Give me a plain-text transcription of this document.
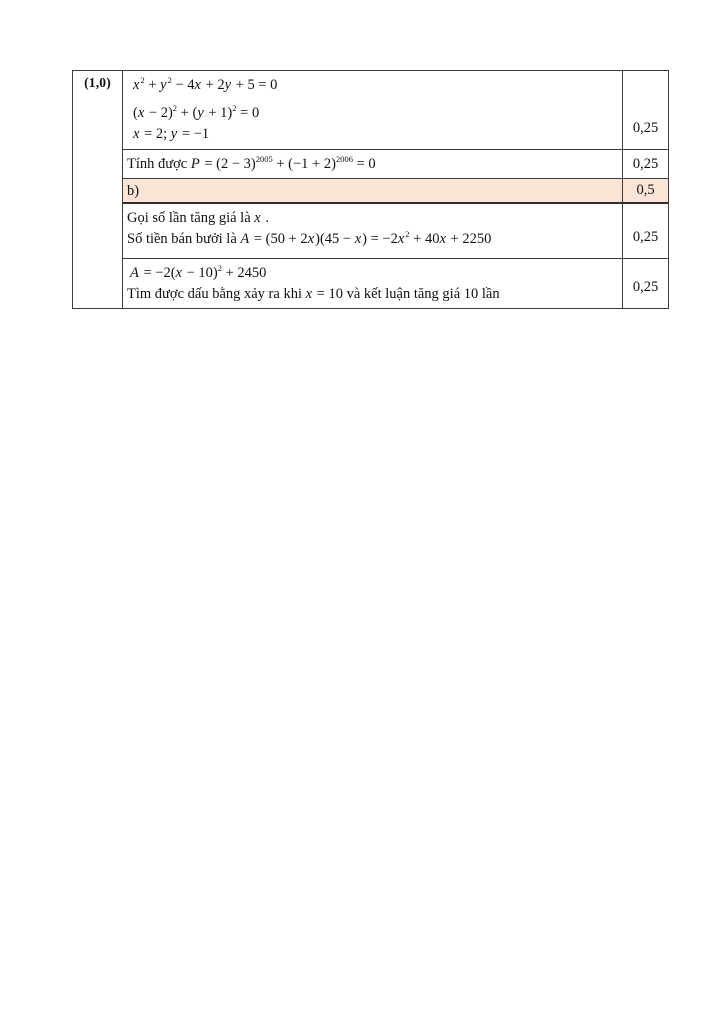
(1,0)	$x^2 + y^2 - 4x + 2y + 5 = 0$
$(x - 2)^2 + (y + 1)^2 = 0$
x = 2; y = −1	0,25
Tính được $P = (2 - 3)^{2005} + (-1 + 2)^{2006} = 0$	0,25
b)	0,5
Gọi số lần tăng giá là x .
Số tiền bán bưởi là $A = (50 + 2x)(45 - x) = -2x^2 + 40x + 2250$	0,25
$A = -2(x - 10)^2 + 2450$
Tìm được dấu bằng xảy ra khi x = 10 và kết luận tăng giá 10 lần	0,25
